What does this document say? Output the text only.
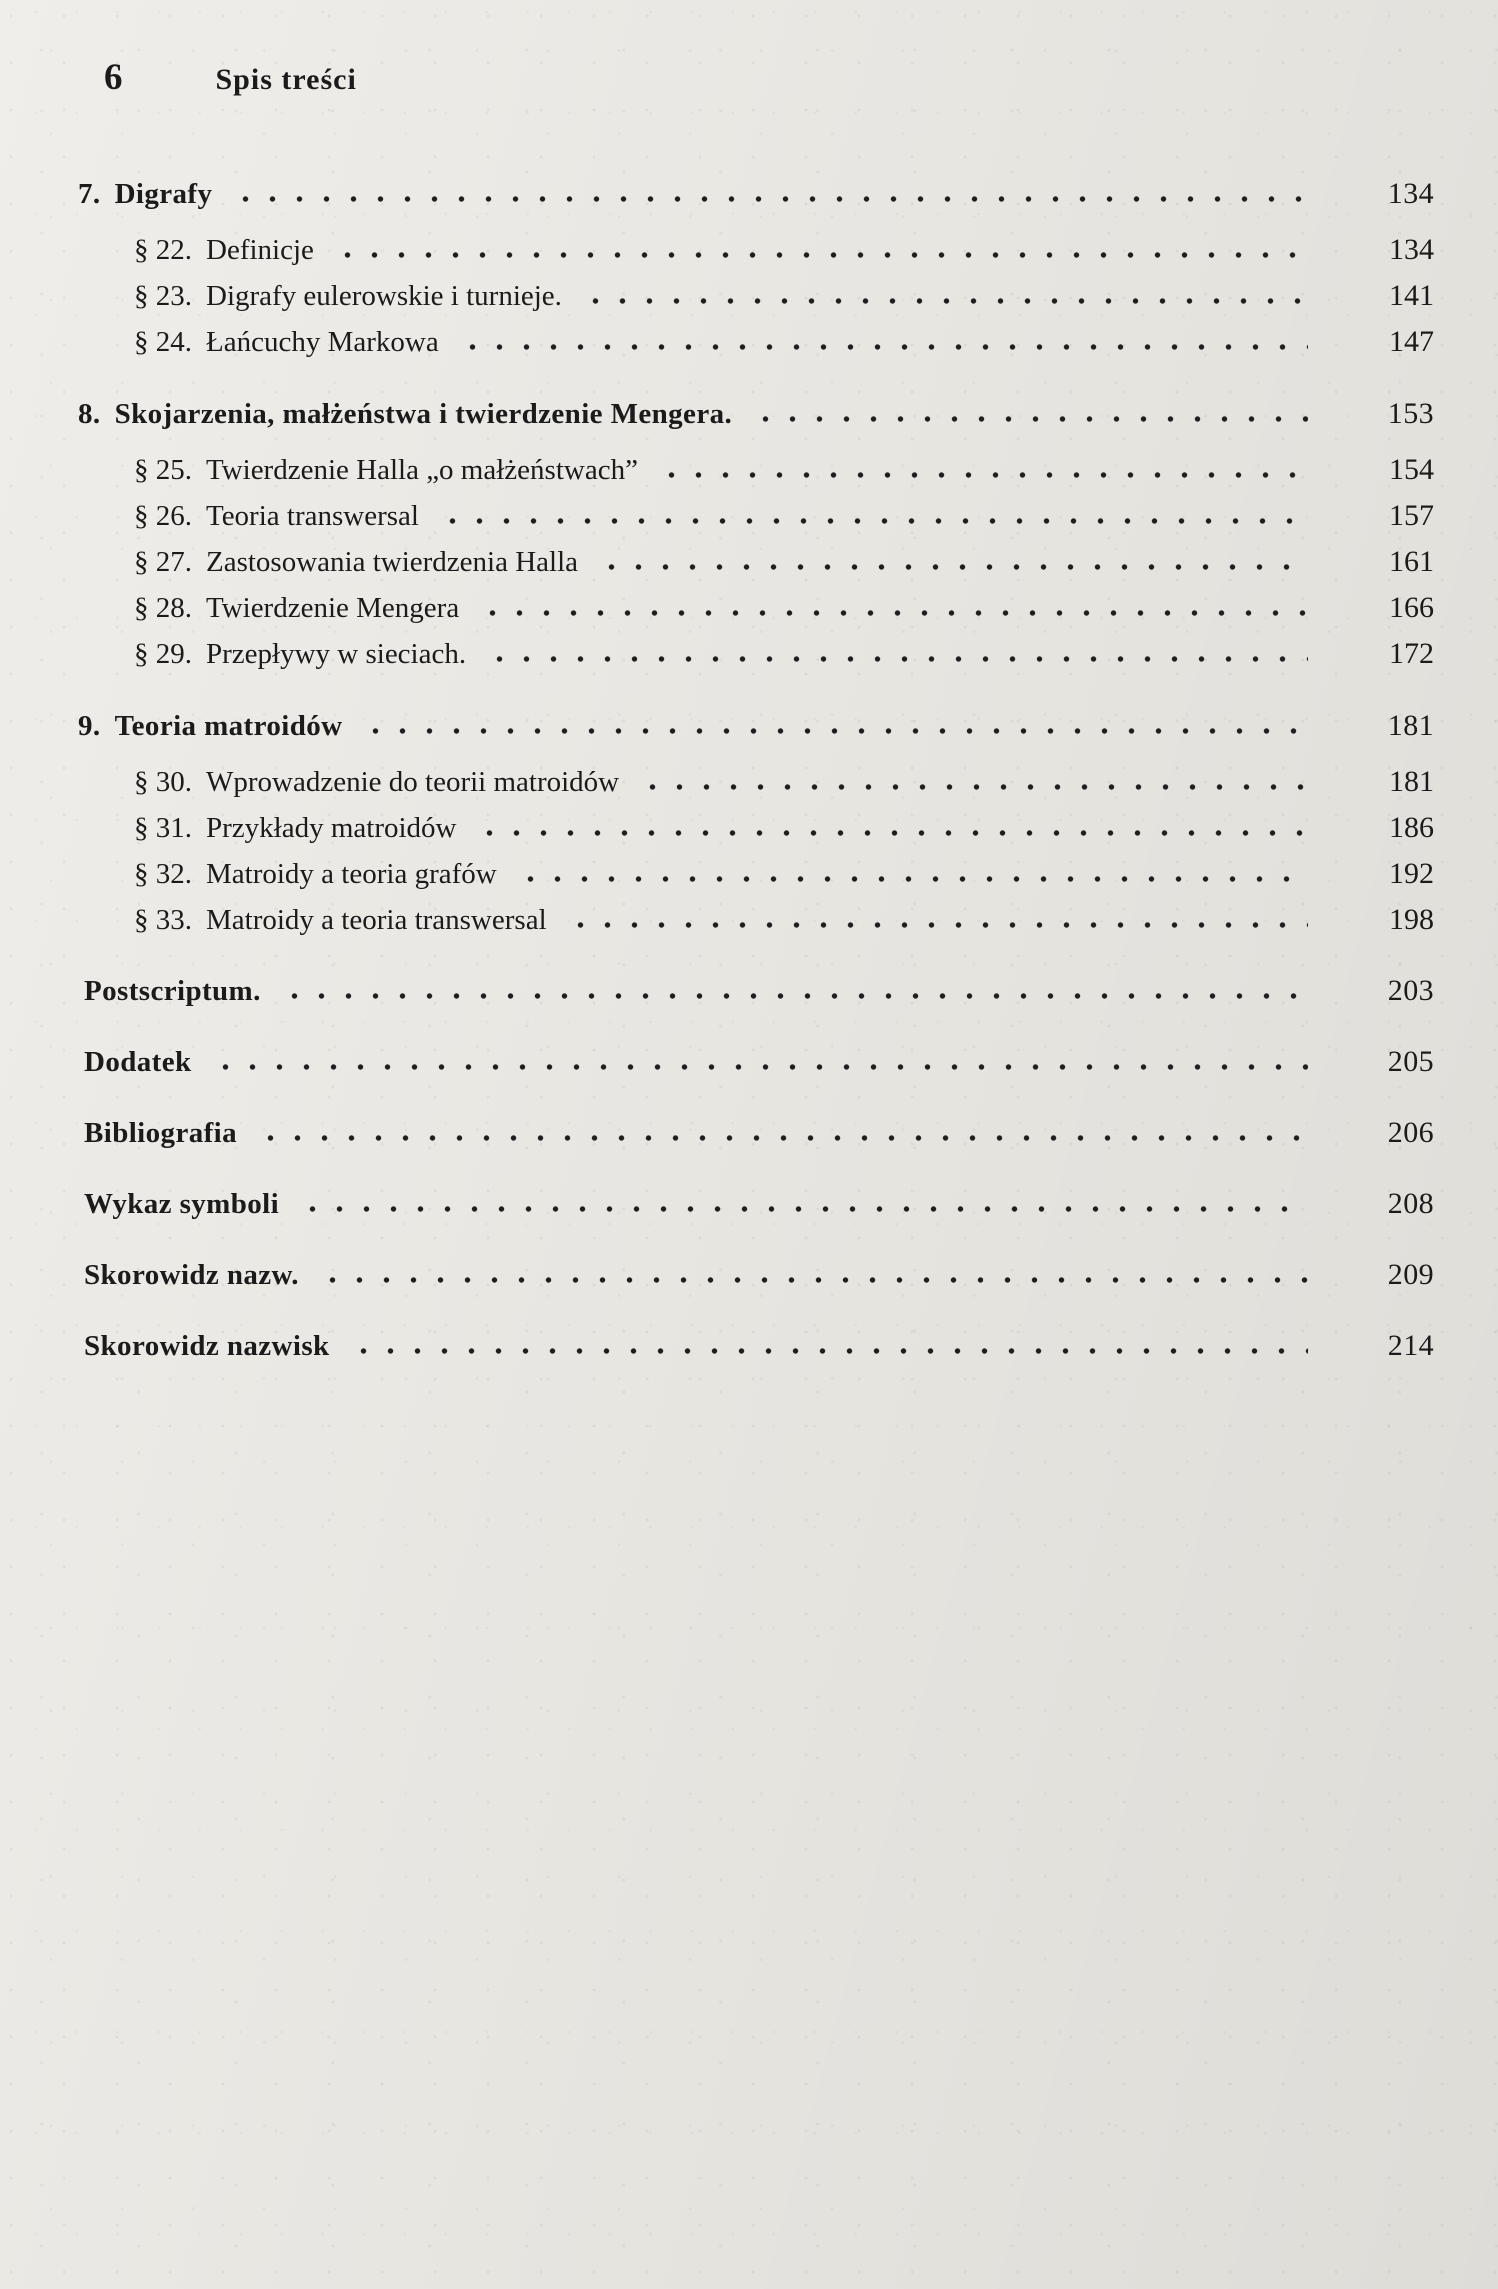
6	Spis treści
7. Digrafy	134
§ 22. Definicje	134
§ 23. Digrafy eulerowskie i turnieje.	141
§ 24. Łańcuchy Markowa	147
8. Skojarzenia, małżeństwa i twierdzenie Mengera.	153
§ 25. Twierdzenie Halla „o małżeństwach”	154
§ 26. Teoria transwersal	157
§ 27. Zastosowania twierdzenia Halla	161
§ 28. Twierdzenie Mengera	166
§ 29. Przepływy w sieciach.	172
9. Teoria matroidów	181
§ 30. Wprowadzenie do teorii matroidów	181
§ 31. Przykłady matroidów	186
§ 32. Matroidy a teoria grafów	192
§ 33. Matroidy a teoria transwersal	198
Postscriptum.	203
Dodatek	205
Bibliografia	206
Wykaz symboli	208
Skorowidz nazw.	209
Skorowidz nazwisk	214
